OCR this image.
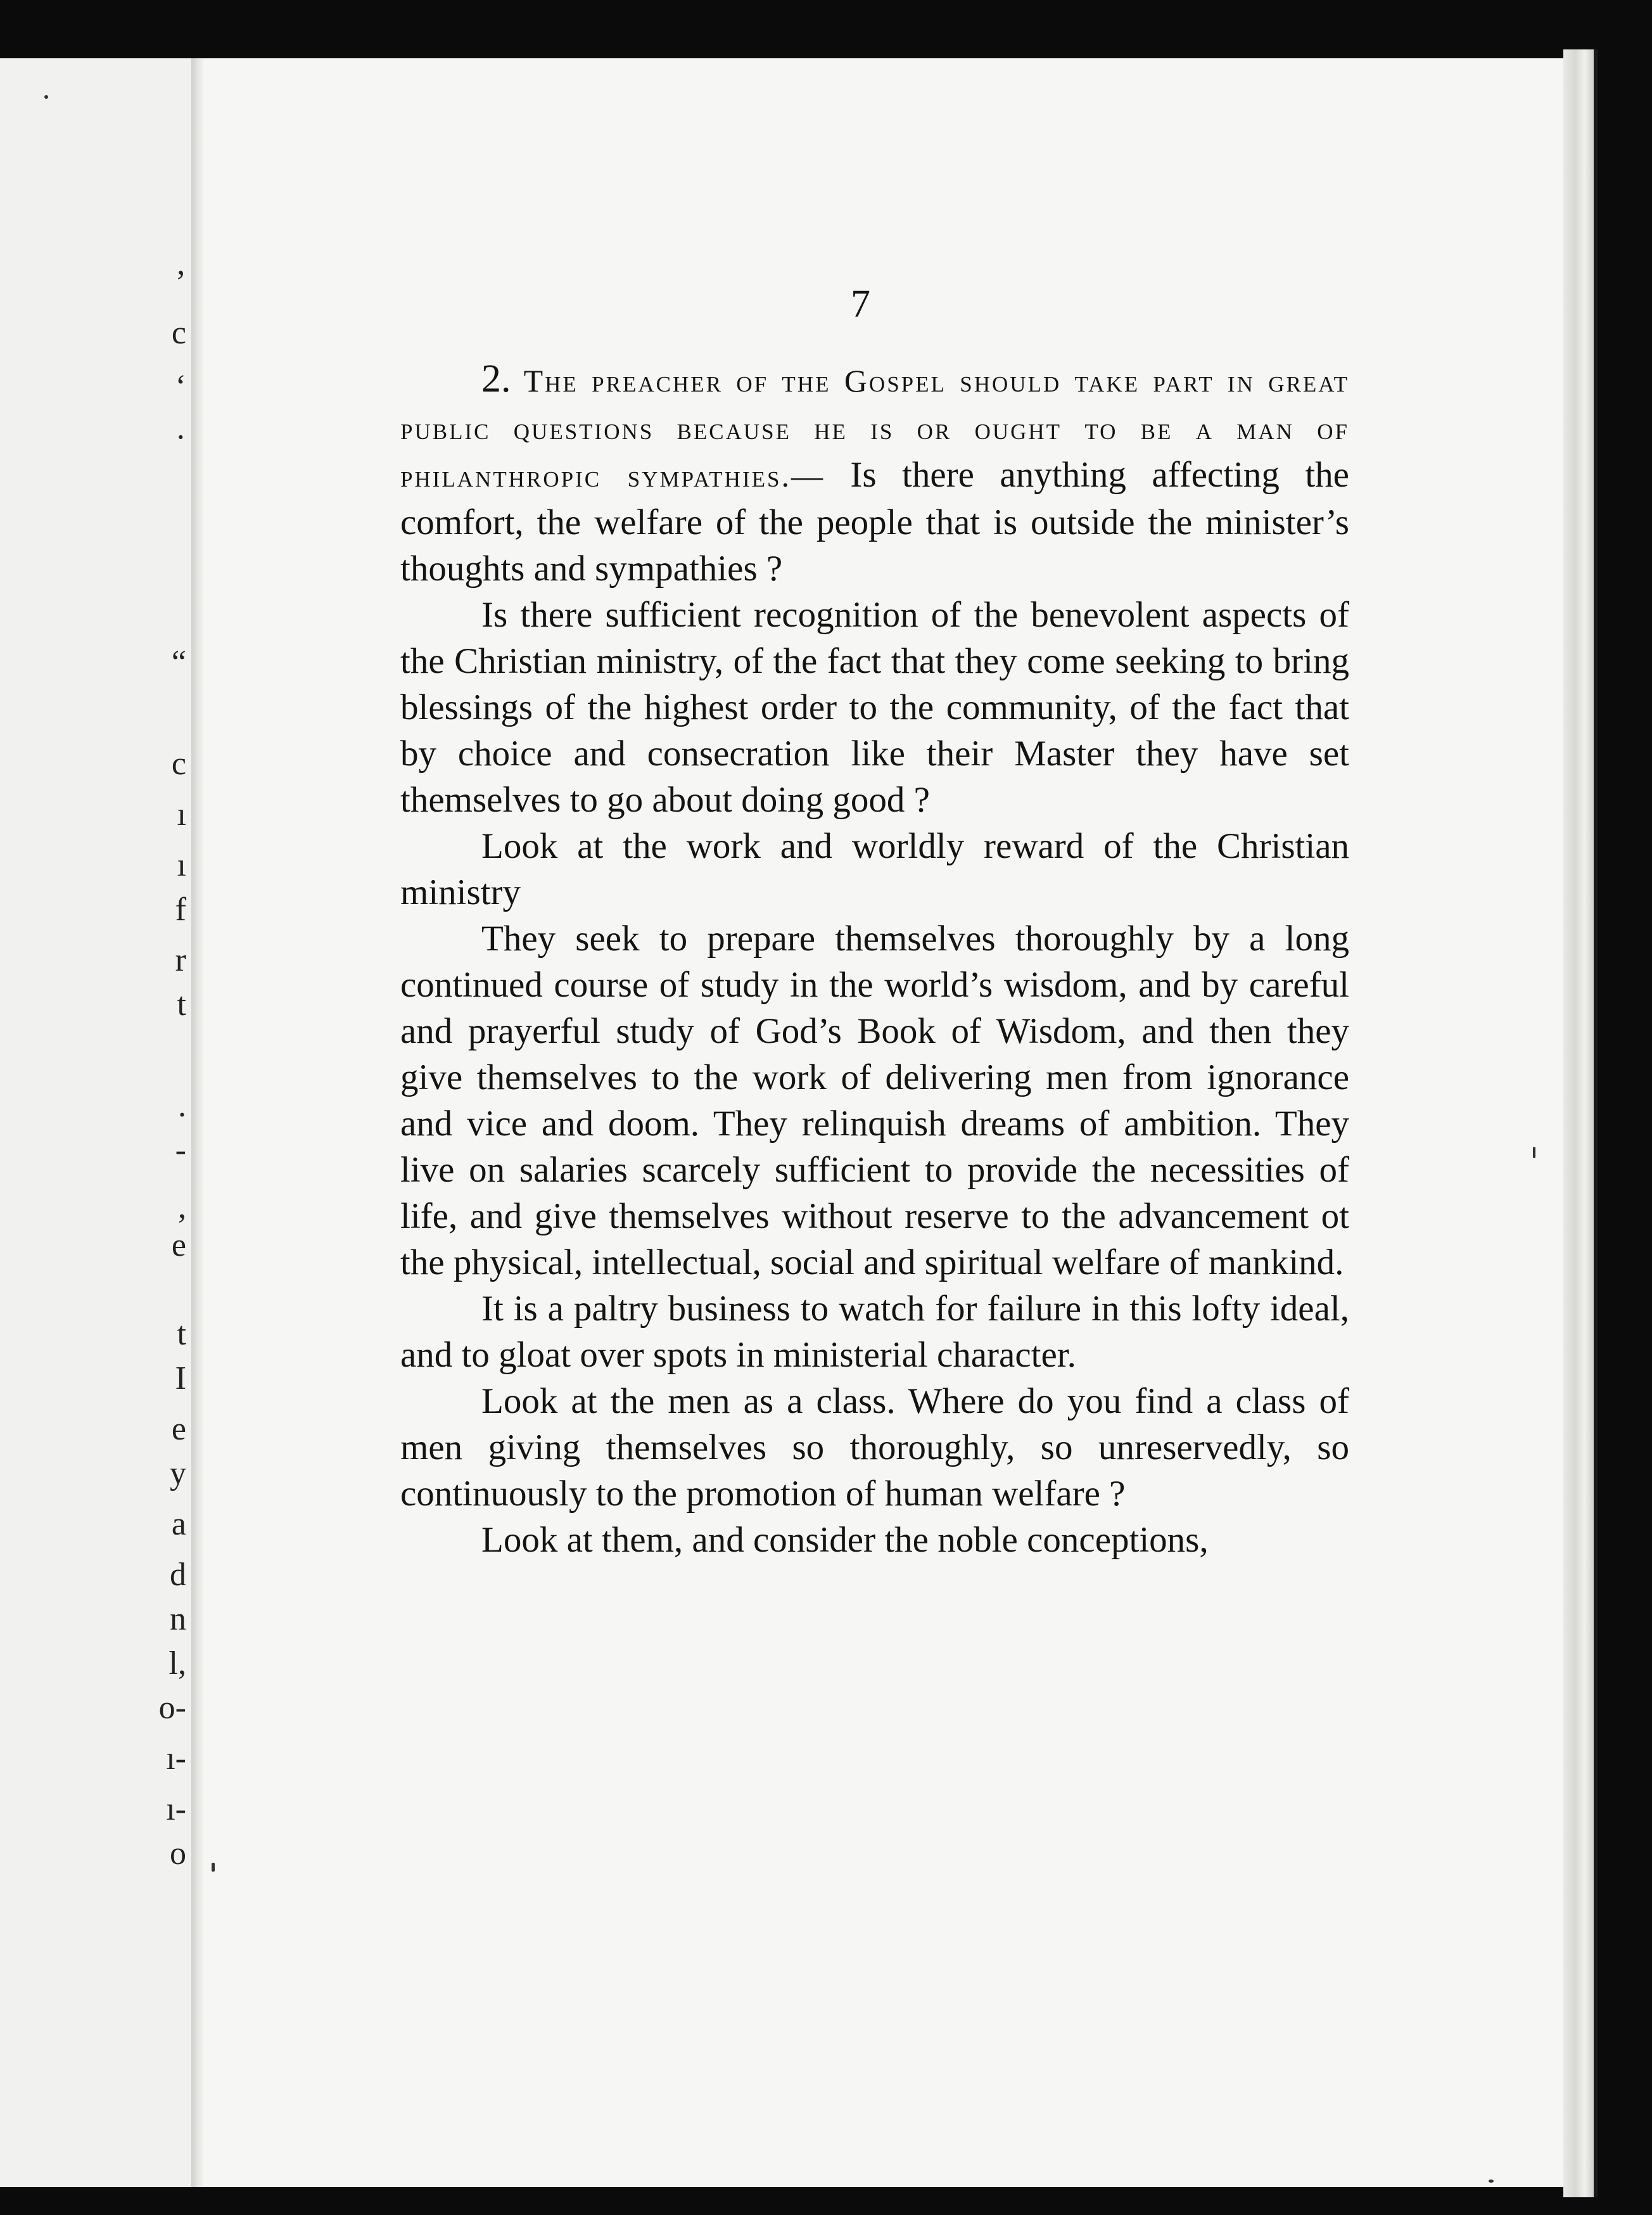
’
c
‘
·
“
c
ı
ı
f
r
t
.
-
,
e
t
I
e
y
a
d
n
l,
o-
ı-
ı-
o
7

2. The preacher of the Gospel should take part in great public questions because he is or ought to be a man of philanthropic sympathies.— Is there anything affecting the comfort, the welfare of the people that is outside the minister’s thoughts and sympathies ?

Is there sufficient recognition of the benevolent aspects of the Christian ministry, of the fact that they come seeking to bring blessings of the highest order to the community, of the fact that by choice and consecration like their Master they have set themselves to go about doing good ?

Look at the work and worldly reward of the Christian ministry

They seek to prepare themselves thoroughly by a long continued course of study in the world’s wisdom, and by careful and prayerful study of God’s Book of Wisdom, and then they give themselves to the work of delivering men from ignorance and vice and doom. They relinquish dreams of ambition. They live on salaries scarcely sufficient to provide the necessities of life, and give themselves without reserve to the advancement ot the physical, intellectual, social and spiritual welfare of mankind.

It is a paltry business to watch for failure in this lofty ideal, and to gloat over spots in ministerial character.

Look at the men as a class. Where do you find a class of men giving themselves so thoroughly, so unreservedly, so continuously to the promotion of human welfare ?

Look at them, and consider the noble conceptions,
